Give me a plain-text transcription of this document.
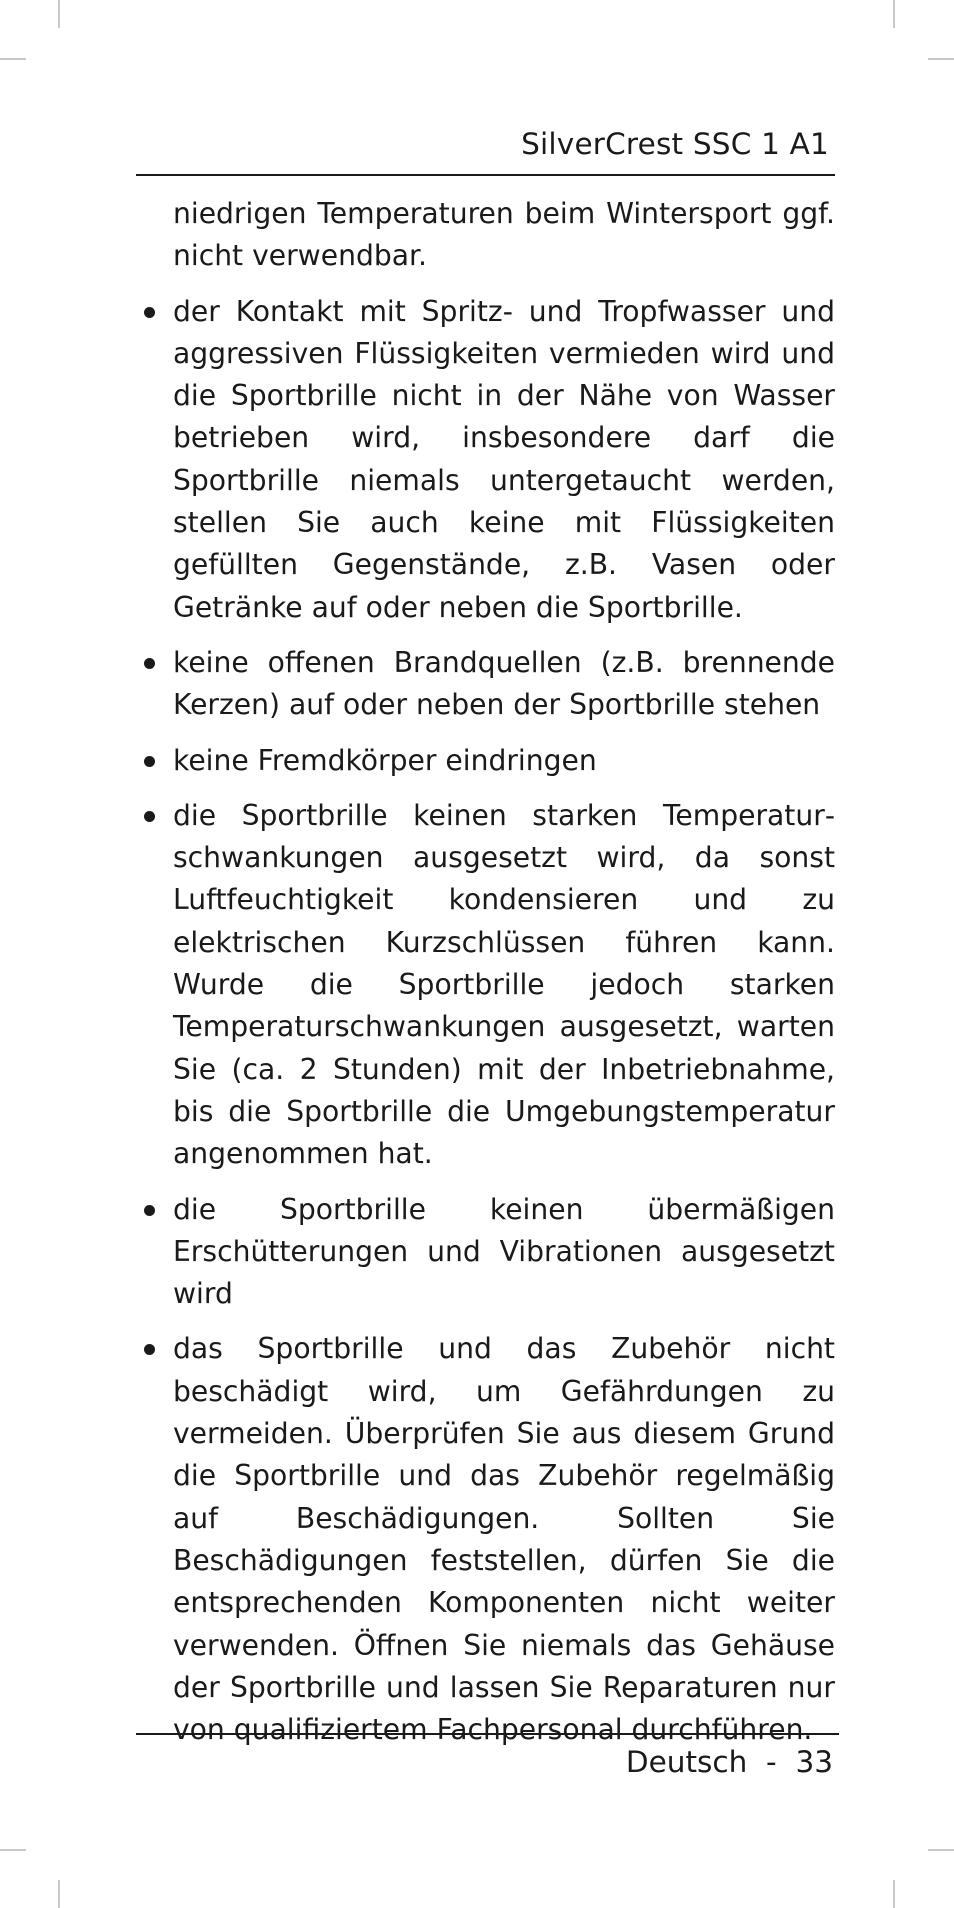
SilverCrest SSC 1 A1

niedrigen Temperaturen beim Wintersport ggf. nicht verwendbar.

der Kontakt mit Spritz- und Tropfwasser und aggressiven Flüssigkeiten vermieden wird und die Sportbrille nicht in der Nähe von Wasser betrieben wird, insbesondere darf die Sportbrille niemals untergetaucht werden, stellen Sie auch keine mit Flüssigkeiten gefüllten Gegenstände, z.B. Vasen oder Getränke auf oder neben die Sportbrille.
keine offenen Brandquellen (z.B. brennende Kerzen) auf oder neben der Sportbrille stehen
keine Fremdkörper eindringen
die Sportbrille keinen starken Temperaturschwankungen ausgesetzt wird, da sonst Luftfeuchtigkeit kondensieren und zu elektrischen Kurzschlüssen führen kann. Wurde die Sportbrille jedoch starken Temperaturschwankungen ausgesetzt, warten Sie (ca. 2 Stunden) mit der Inbetriebnahme, bis die Sportbrille die Umgebungstemperatur angenommen hat.
die Sportbrille keinen übermäßigen Erschütterungen und Vibrationen ausgesetzt wird
das Sportbrille und das Zubehör nicht beschädigt wird, um Gefährdungen zu vermeiden. Überprüfen Sie aus diesem Grund die Sportbrille und das Zubehör regelmäßig auf Beschädigungen. Sollten Sie Beschädigungen feststellen, dürfen Sie die entsprechenden Komponenten nicht weiter verwenden. Öffnen Sie niemals das Gehäuse der Sportbrille und lassen Sie Reparaturen nur von qualifiziertem Fachpersonal durchführen.
Deutsch  -  33
